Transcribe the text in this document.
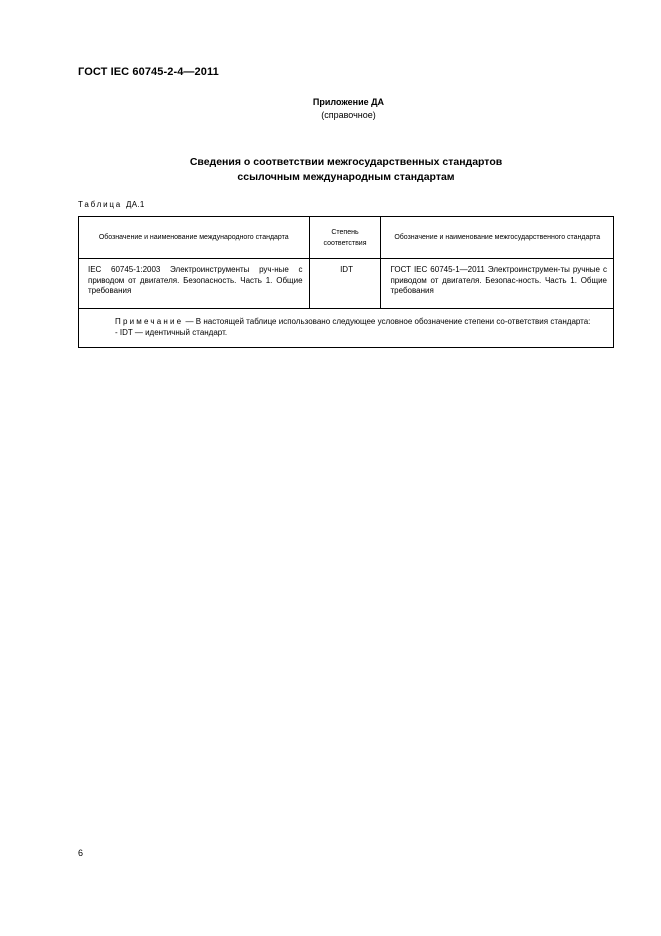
ГОСТ IEC 60745-2-4—2011
Приложение ДА
(справочное)
Сведения о соответствии межгосударственных стандартов
ссылочным международным стандартам
Таблица ДА.1
Обозначение и наименование международного стандарта	Степень соответствия	Обозначение и наименование межгосударственного стандарта
IEC 60745-1:2003 Электроинструменты руч-ные с приводом от двигателя. Безопасность. Часть 1. Общие требования	IDT	ГОСТ IEC 60745-1—2011 Электроинструмен-ты ручные с приводом от двигателя. Безопас-ность. Часть 1. Общие требования

Примечание — В настоящей таблице использовано следующее условное обозначение степени со-ответствия стандарта:
- IDT — идентичный стандарт.		
6
